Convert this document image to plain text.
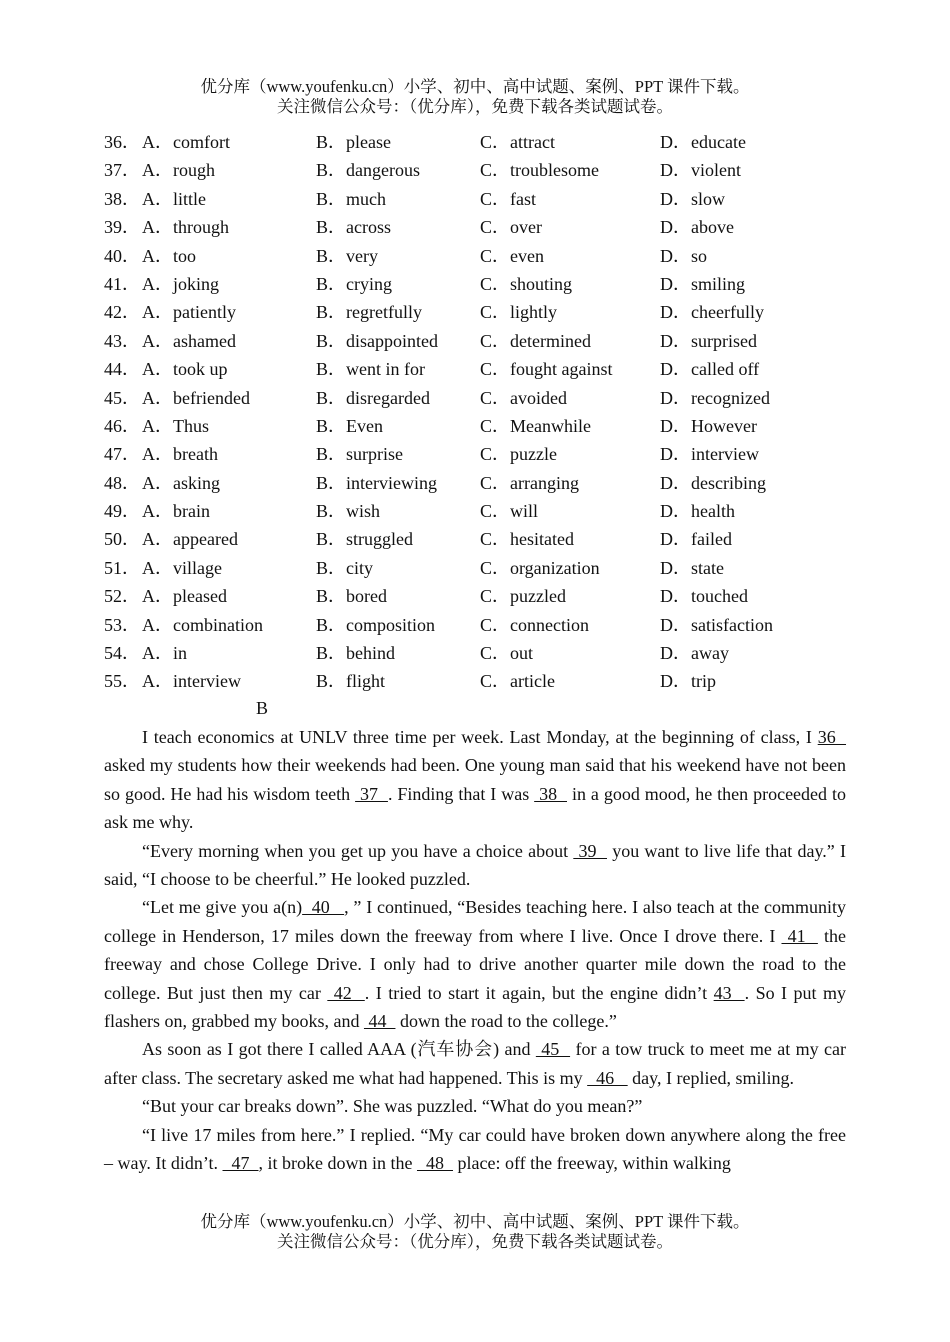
优分库（www.youfenku.cn）小学、初中、高中试题、案例、PPT 课件下载。
关注微信公众号：（优分库），免费下载各类试题试卷。
36． A．comfort	B．please	C．attract	D．educate
37． A．rough	B．dangerous	C．troublesome	D．violent
38． A．little	B．much	C．fast	D．slow
39． A．through	B．across	C．over	D．above
40． A．too	B．very	C．even	D．so
41． A．joking	B．crying	C．shouting	D．smiling
42． A．patiently	B．regretfully	C．lightly	D．cheerfully
43． A．ashamed	B．disappointed C．determined	D．surprised
44． A．took up	B．went in for	C．fought against	D．called off
45． A．befriended	B．disregarded	C．avoided	D．recognized
46． A．Thus	B．Even	C．Meanwhile	D．However
47． A．breath	B．surprise	C．puzzle	D．interview
48． A．asking	B．interviewing C．arranging	D．describing
49． A．brain	B．wish	C．will	D．health
50． A．appeared	B．struggled	C．hesitated	D．failed
51． A．village	B．city	C．organization	D．state
52． A．pleased	B．bored	C．puzzled	D．touched
53． A．combination	B．composition C．connection	D．satisfaction
54． A．in	B．behind	C．out	D．away
55． A．interview	B．flight	C．article	D．trip
B

I teach economics at UNLV three time per week. Last Monday, at the beginning of class, I 36   asked my students how their weekends had been. One young man said that his weekend have not been so good. He had his wisdom teeth  37  . Finding that I was  38   in a good mood, he then proceeded to ask me why.

“Every morning when you get up you have a choice about  39   you want to live life that day.” I said, “I choose to be cheerful.” He looked puzzled.

“Let me give you a(n)  40   , ” I continued, “Besides teaching here. I also teach at the community college in Henderson, 17 miles down the freeway from where I live. Once I drove there. I  41   the freeway and chose College Drive. I only had to drive another quarter mile down the road to the college. But just then my car  42  . I tried to start it again, but the engine didn’t 43  . So I put my flashers on, grabbed my books, and  44   down the road to the college.”

As soon as I got there I called AAA (汽车协会) and  45   for a tow truck to meet me at my car after class. The secretary asked me what had happened. This is my   46    day, I replied, smiling.

“But your car breaks down”. She was puzzled. “What do you mean?”

“I live 17 miles from here.” I replied. “My car could have broken down anywhere along the free – way. It didn’t.   47  , it broke down in the   48   place: off the freeway, within walking

优分库（www.youfenku.cn）小学、初中、高中试题、案例、PPT 课件下载。
关注微信公众号：（优分库），免费下载各类试题试卷。
